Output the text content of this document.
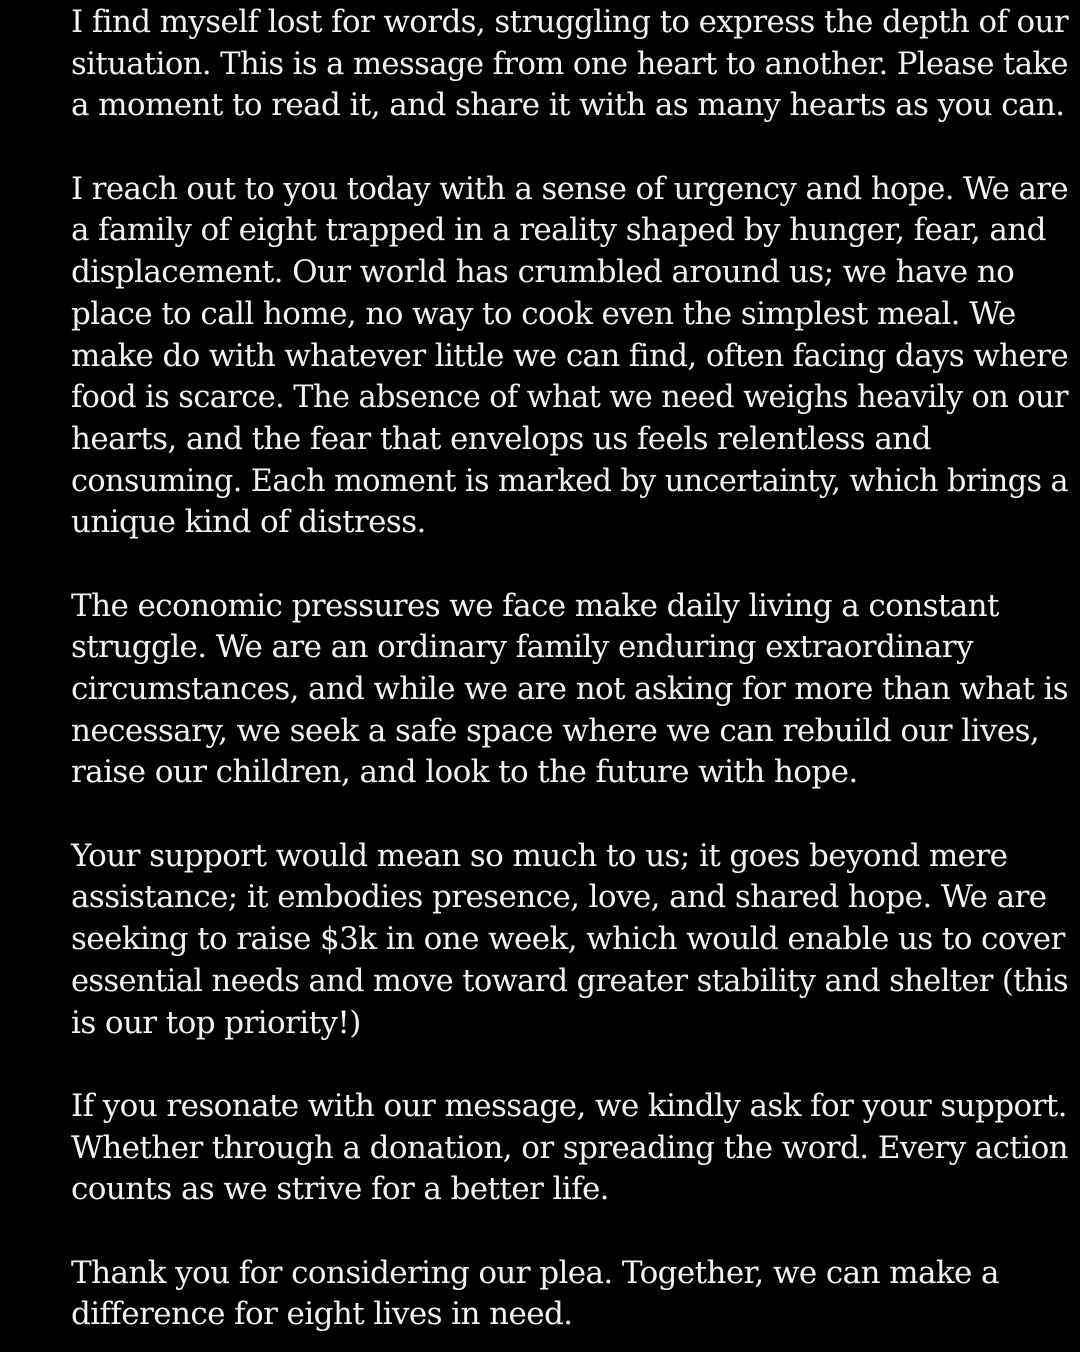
I find myself lost for words, struggling to express the depth of our
situation. This is a message from one heart to another. Please take
a moment to read it, and share it with as many hearts as you can.
I reach out to you today with a sense of urgency and hope. We are
a family of eight trapped in a reality shaped by hunger, fear, and
displacement. Our world has crumbled around us; we have no
place to call home, no way to cook even the simplest meal. We
make do with whatever little we can find, often facing days where
food is scarce. The absence of what we need weighs heavily on our
hearts, and the fear that envelops us feels relentless and
consuming. Each moment is marked by uncertainty, which brings a
unique kind of distress.
The economic pressures we face make daily living a constant
struggle. We are an ordinary family enduring extraordinary
circumstances, and while we are not asking for more than what is
necessary, we seek a safe space where we can rebuild our lives,
raise our children, and look to the future with hope.
Your support would mean so much to us; it goes beyond mere
assistance; it embodies presence, love, and shared hope. We are
seeking to raise $3k in one week, which would enable us to cover
essential needs and move toward greater stability and shelter (this
is our top priority!)
If you resonate with our message, we kindly ask for your support.
Whether through a donation, or spreading the word. Every action
counts as we strive for a better life.
Thank you for considering our plea. Together, we can make a
difference for eight lives in need.
